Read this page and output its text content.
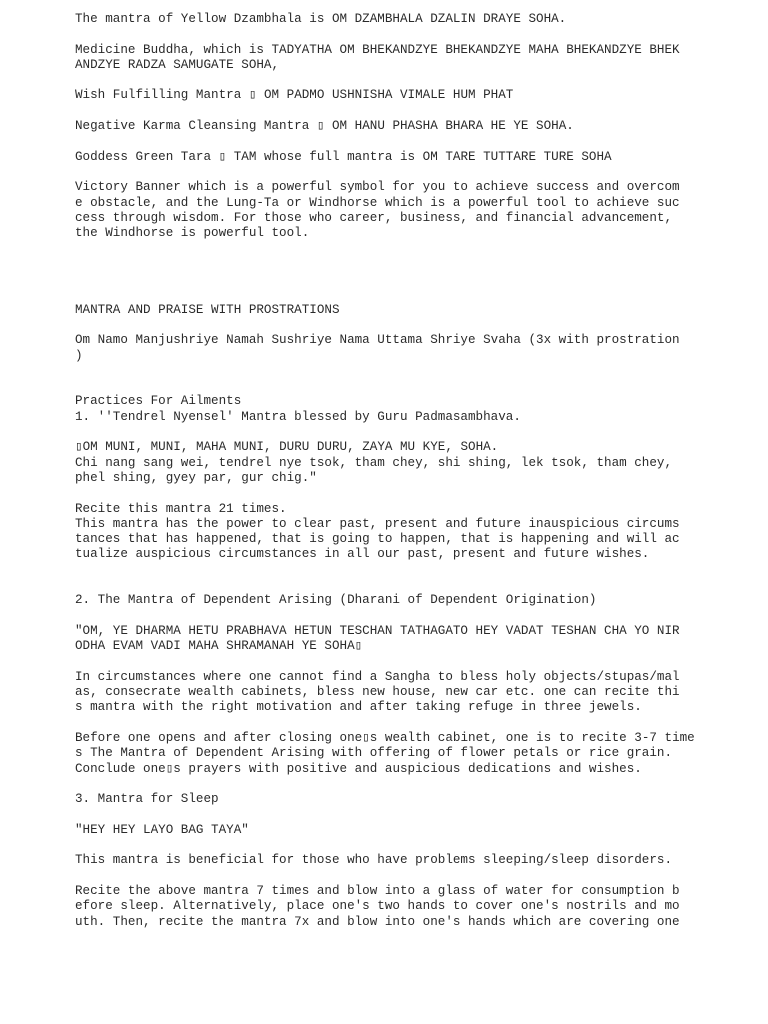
The mantra of Yellow Dzambhala is OM DZAMBHALA DZALIN DRAYE SOHA.
Medicine Buddha, which is TADYATHA OM BHEKANDZYE BHEKANDZYE MAHA BHEKANDZYE BHEK
ANDZYE RADZA SAMUGATE SOHA,
Wish Fulfilling Mantra ▯ OM PADMO USHNISHA VIMALE HUM PHAT
Negative Karma Cleansing Mantra ▯ OM HANU PHASHA BHARA HE YE SOHA.
Goddess Green Tara ▯ TAM whose full mantra is OM TARE TUTTARE TURE SOHA
Victory Banner which is a powerful symbol for you to achieve success and overcom
e obstacle, and the Lung-Ta or Windhorse which is a powerful tool to achieve suc
cess through wisdom. For those who career, business, and financial advancement,
the Windhorse is powerful tool.
MANTRA AND PRAISE WITH PROSTRATIONS
Om Namo Manjushriye Namah Sushriye Nama Uttama Shriye Svaha (3x with prostration
)
Practices For Ailments
1. ''Tendrel Nyensel' Mantra blessed by Guru Padmasambhava.
▯OM MUNI, MUNI, MAHA MUNI, DURU DURU, ZAYA MU KYE, SOHA.
Chi nang sang wei, tendrel nye tsok, tham chey, shi shing, lek tsok, tham chey,
phel shing, gyey par, gur chig."
Recite this mantra 21 times.
This mantra has the power to clear past, present and future inauspicious circums
tances that has happened, that is going to happen, that is happening and will ac
tualize auspicious circumstances in all our past, present and future wishes.
2. The Mantra of Dependent Arising (Dharani of Dependent Origination)
"OM, YE DHARMA HETU PRABHAVA HETUN TESCHAN TATHAGATO HEY VADAT TESHAN CHA YO NIR
ODHA EVAM VADI MAHA SHRAMANAH YE SOHA▯
In circumstances where one cannot find a Sangha to bless holy objects/stupas/mal
as, consecrate wealth cabinets, bless new house, new car etc. one can recite thi
s mantra with the right motivation and after taking refuge in three jewels.
Before one opens and after closing one▯s wealth cabinet, one is to recite 3-7 time
s The Mantra of Dependent Arising with offering of flower petals or rice grain.
Conclude one▯s prayers with positive and auspicious dedications and wishes.
3. Mantra for Sleep
"HEY HEY LAYO BAG TAYA"
This mantra is beneficial for those who have problems sleeping/sleep disorders.
Recite the above mantra 7 times and blow into a glass of water for consumption b
efore sleep. Alternatively, place one's two hands to cover one's nostrils and mo
uth. Then, recite the mantra 7x and blow into one's hands which are covering one
